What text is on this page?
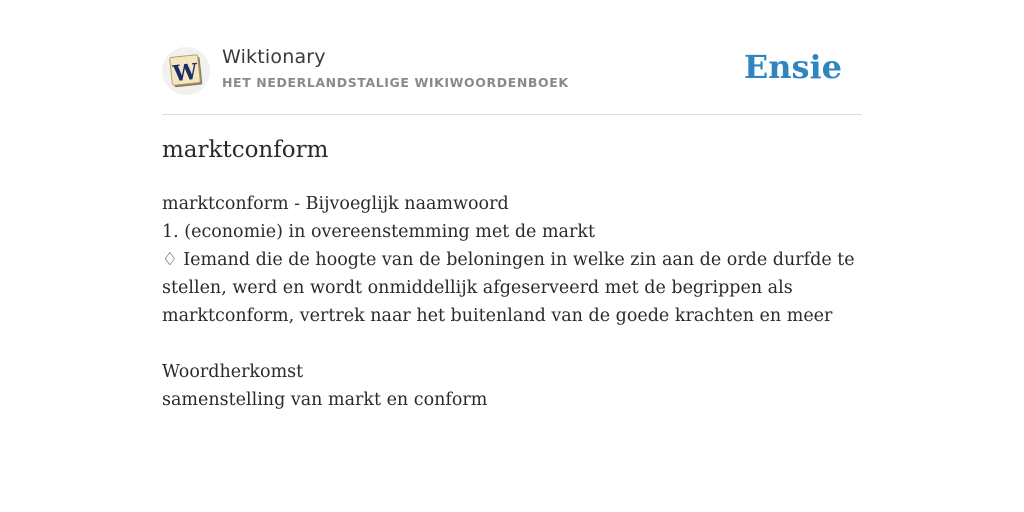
W
Wiktionary
HET NEDERLANDSTALIGE WIKIWOORDENBOEK	Ensie
marktconform
marktconform - Bijvoeglijk naamwoord
1. (economie) in overeenstemming met de markt
♢ Iemand die de hoogte van de beloningen in welke zin aan de orde durfde te
stellen, werd en wordt onmiddellijk afgeserveerd met de begrippen als
marktconform, vertrek naar het buitenland van de goede krachten en meer
Woordherkomst
samenstelling van markt en conform
